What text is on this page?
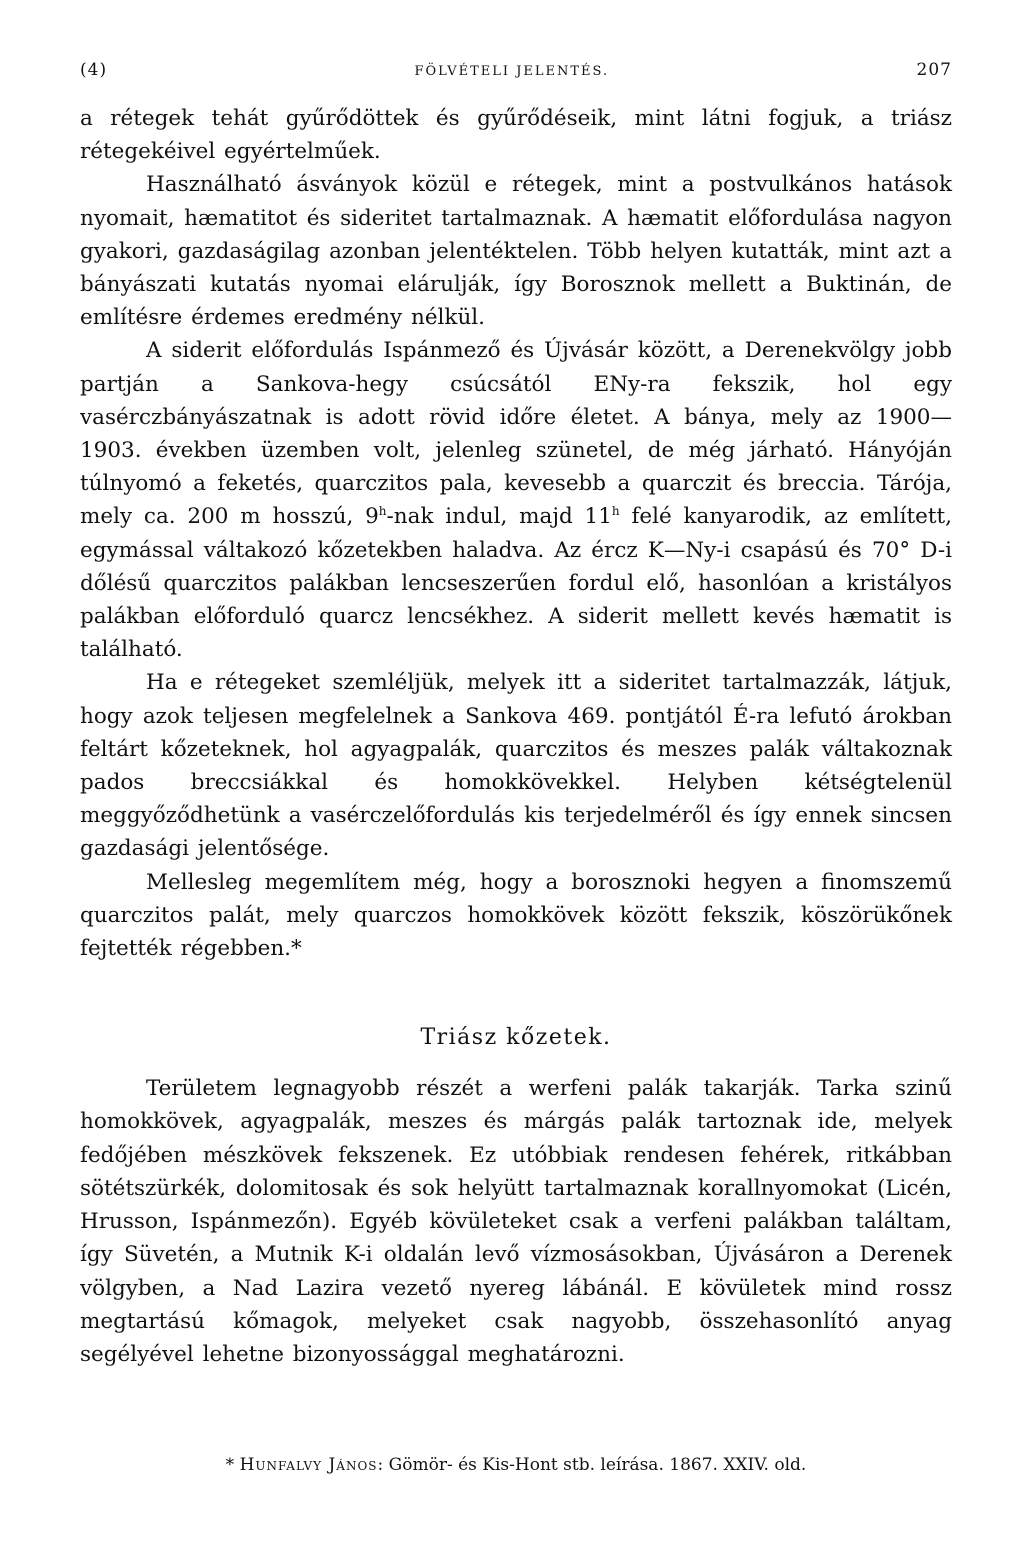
(4)	FÖLVÉTELI JELENTÉS.	207

a rétegek tehát gyűrődöttek és gyűrődéseik, mint látni fogjuk, a triász rétegekéivel egyértelműek.

Használható ásványok közül e rétegek, mint a postvulkános hatások nyomait, hæmatitot és sideritet tartalmaznak. A hæmatit előfordulása nagyon gyakori, gazdaságilag azonban jelentéktelen. Több helyen kutatták, mint azt a bányászati kutatás nyomai elárulják, így Borosznok mellett a Buktinán, de említésre érdemes eredmény nélkül.

A siderit előfordulás Ispánmező és Újvásár között, a Derenekvölgy jobb partján a Sankova-hegy csúcsától ENy-ra fekszik, hol egy vasérczbányászatnak is adott rövid időre életet. A bánya, mely az 1900—1903. években üzemben volt, jelenleg szünetel, de még járható. Hányóján túlnyomó a feketés, quarczitos pala, kevesebb a quarczit és breccia. Tárója, mely ca. 200 m hosszú, 9$^h$-nak indul, majd 11$^h$ felé kanyarodik, az említett, egymással váltakozó kőzetekben haladva. Az ércz K—Ny-i csapású és 70° D-i dőlésű quarczitos palákban lencseszerűen fordul elő, hasonlóan a kristályos palákban előforduló quarcz lencsékhez. A siderit mellett kevés hæmatit is található.

Ha e rétegeket szemléljük, melyek itt a sideritet tartalmazzák, látjuk, hogy azok teljesen megfelelnek a Sankova 469. pontjától É-ra lefutó árokban feltárt kőzeteknek, hol agyagpalák, quarczitos és meszes palák váltakoznak pados breccsiákkal és homokkövekkel. Helyben kétségtelenül meggyőződhetünk a vasérczelőfordulás kis terjedelméről és így ennek sincsen gazdasági jelentősége.

Mellesleg megemlítem még, hogy a borosznoki hegyen a finomszemű quarczitos palát, mely quarczos homokkövek között fekszik, köszörükőnek fejtették régebben.*

Triász kőzetek.

Területem legnagyobb részét a werfeni palák takarják. Tarka szinű homokkövek, agyagpalák, meszes és márgás palák tartoznak ide, melyek fedőjében mészkövek fekszenek. Ez utóbbiak rendesen fehérek, ritkábban sötétszürkék, dolomitosak és sok helyütt tartalmaznak korallnyomokat (Licén, Hrusson, Ispánmezőn). Egyéb kövületeket csak a verfeni palákban találtam, így Süvetén, a Mutnik K-i oldalán levő vízmosásokban, Újvásáron a Derenek völgyben, a Nad Lazira vezető nyereg lábánál. E kövületek mind rossz megtartású kőmagok, melyeket csak nagyobb, összehasonlító anyag segélyével lehetne bizonyossággal meghatározni.

* Hunfalvy János: Gömör- és Kis-Hont stb. leírása. 1867. XXIV. old.
